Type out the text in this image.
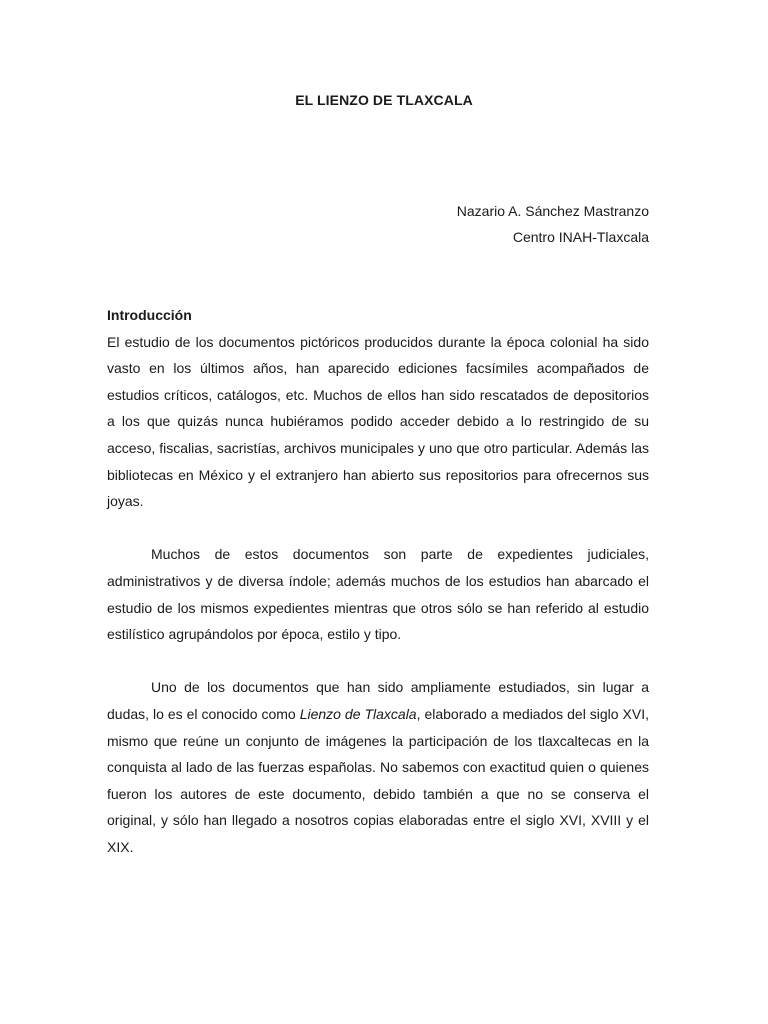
EL LIENZO DE TLAXCALA
Nazario A. Sánchez Mastranzo
Centro INAH-Tlaxcala

Introducción

El estudio de los documentos pictóricos producidos durante la época colonial ha sido vasto en los últimos años, han aparecido ediciones facsímiles acompañados de estudios críticos, catálogos, etc. Muchos de ellos han sido rescatados de depositorios a los que quizás nunca hubiéramos podido acceder debido a lo restringido de su acceso, fiscalias, sacristías, archivos municipales y uno que otro particular. Además las bibliotecas en México y el extranjero han abierto sus repositorios para ofrecernos sus joyas.

Muchos de estos documentos son parte de expedientes judiciales, administrativos y de diversa índole; además muchos de los estudios han abarcado el estudio de los mismos expedientes mientras que otros sólo se han referido al estudio estilístico agrupándolos por época, estilo y tipo.

Uno de los documentos que han sido ampliamente estudiados, sin lugar a dudas, lo es el conocido como Lienzo de Tlaxcala, elaborado a mediados del siglo XVI, mismo que reúne un conjunto de imágenes la participación de los tlaxcaltecas en la conquista al lado de las fuerzas españolas. No sabemos con exactitud quien o quienes fueron los autores de este documento, debido también a que no se conserva el original, y sólo han llegado a nosotros copias elaboradas entre el siglo XVI, XVIII y el XIX.
